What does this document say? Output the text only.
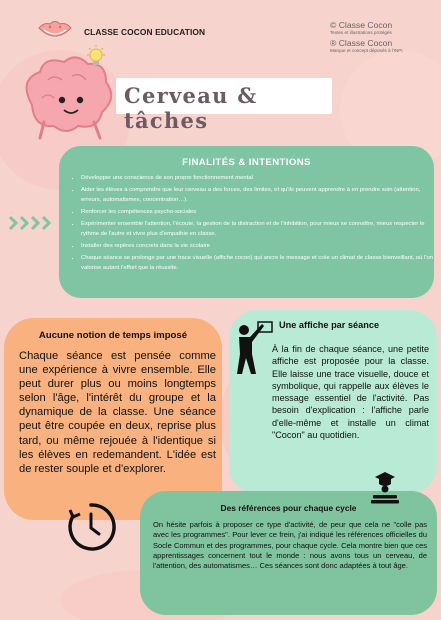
CLASSE COCON EDUCATION
© Classe Cocon
Textes et illustrations protégés
® Classe Cocon
Marque et concept déposés à l'INPI
Cerveau & tâches
FINALITÉS & INTENTIONS
• Développer une conscience de son propre fonctionnement mental
• Aider les élèves à comprendre que leur cerveau a des forces, des limites, et qu'ils peuvent apprendre à en prendre soin (attention, erreurs, automatismes, concentration…).
• Renforcer les compétences psycho-sociales
• Expérimenter ensemble l'attention, l'écoute, la gestion de la distraction et de l'inhibition, pour mieux se connaître, mieux respecter le rythme de l'autre et vivre plus d'empathie en classe.
• Installer des repères concrets dans la vie scolaire
• Chaque séance se prolonge par une trace visuelle (affiche cocon) qui ancre le message et crée un climat de classe bienveillant, où l'on valorise autant l'effort que la réussite.
Aucune notion de temps imposé
Chaque séance est pensée comme une expérience à vivre ensemble. Elle peut durer plus ou moins longtemps selon l'âge, l'intérêt du groupe et la dynamique de la classe. Une séance peut être coupée en deux, reprise plus tard, ou même rejouée à l'identique si les élèves en redemandent. L'idée est de rester souple et d'explorer.
Une affiche par séance
À la fin de chaque séance, une petite affiche est proposée pour la classe. Elle laisse une trace visuelle, douce et symbolique, qui rappelle aux élèves le message essentiel de l'activité. Pas besoin d'explication : l'affiche parle d'elle-même et installe un climat "Cocon" au quotidien.
Des références pour chaque cycle
On hésite parfois à proposer ce type d'activité, de peur que cela ne "colle pas avec les programmes". Pour lever ce frein, j'ai indiqué les références officielles du Socle Commun et des programmes, pour chaque cycle. Cela montre bien que ces apprentissages concernent tout le monde : nous avons tous un cerveau, de l'attention, des automatismes… Ces séances sont donc adaptées à tout âge.
